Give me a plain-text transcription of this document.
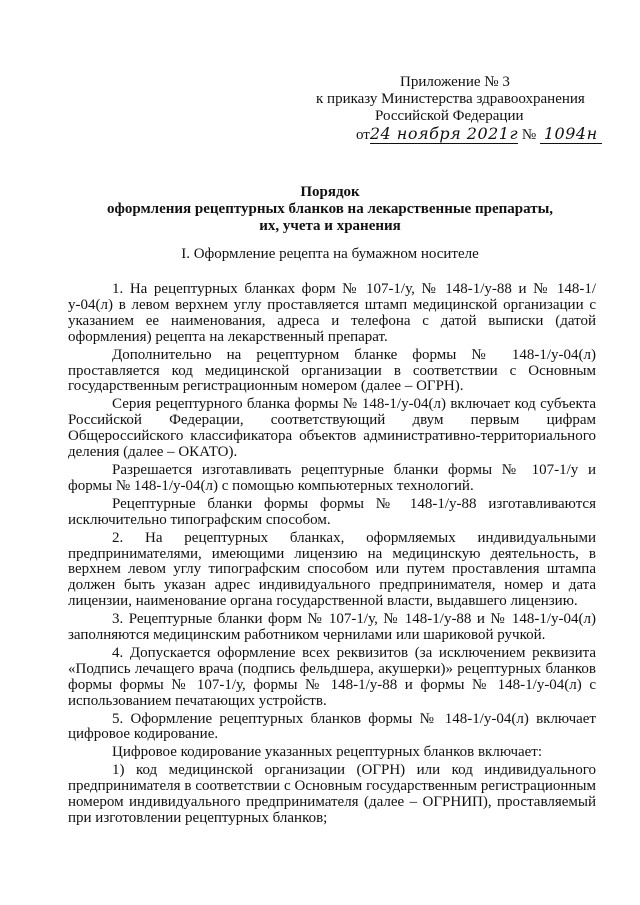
Приложение № 3
к приказу Министерства здравоохранения
Российской Федерации
от24 ноября 2021г № 1094н
Порядок
оформления рецептурных бланков на лекарственные препараты,
их, учета и хранения
I. Оформление рецепта на бумажном носителе

1. На рецептурных бланках форм № 107-1/у, № 148-1/у-88 и № 148-1/у-04(л) в левом верхнем углу проставляется штамп медицинской организации с указанием ее наименования, адреса и телефона с датой выписки (датой оформления) рецепта на лекарственный препарат.

Дополнительно на рецептурном бланке формы № 148-1/у-04(л) проставляется код медицинской организации в соответствии с Основным государственным регистрационным номером (далее – ОГРН).

Серия рецептурного бланка формы № 148-1/у-04(л) включает код субъекта Российской Федерации, соответствующий двум первым цифрам Общероссийского классификатора объектов административно-территориального деления (далее – ОКАТО).

Разрешается изготавливать рецептурные бланки формы № 107-1/у и формы № 148-1/у-04(л) с помощью компьютерных технологий.

Рецептурные бланки формы формы № 148-1/у-88 изготавливаются исключительно типографским способом.

2. На рецептурных бланках, оформляемых индивидуальными предпринимателями, имеющими лицензию на медицинскую деятельность, в верхнем левом углу типографским способом или путем проставления штампа должен быть указан адрес индивидуального предпринимателя, номер и дата лицензии, наименование органа государственной власти, выдавшего лицензию.

3. Рецептурные бланки форм № 107-1/у, № 148-1/у-88 и № 148-1/у-04(л) заполняются медицинским работником чернилами или шариковой ручкой.

4. Допускается оформление всех реквизитов (за исключением реквизита «Подпись лечащего врача (подпись фельдшера, акушерки)» рецептурных бланков формы формы № 107-1/у, формы № 148-1/у-88 и формы № 148-1/у-04(л) с использованием печатающих устройств.

5. Оформление рецептурных бланков формы № 148-1/у-04(л) включает цифровое кодирование.

Цифровое кодирование указанных рецептурных бланков включает:

1) код медицинской организации (ОГРН) или код индивидуального предпринимателя в соответствии с Основным государственным регистрационным номером индивидуального предпринимателя (далее – ОГРНИП), проставляемый при изготовлении рецептурных бланков;
